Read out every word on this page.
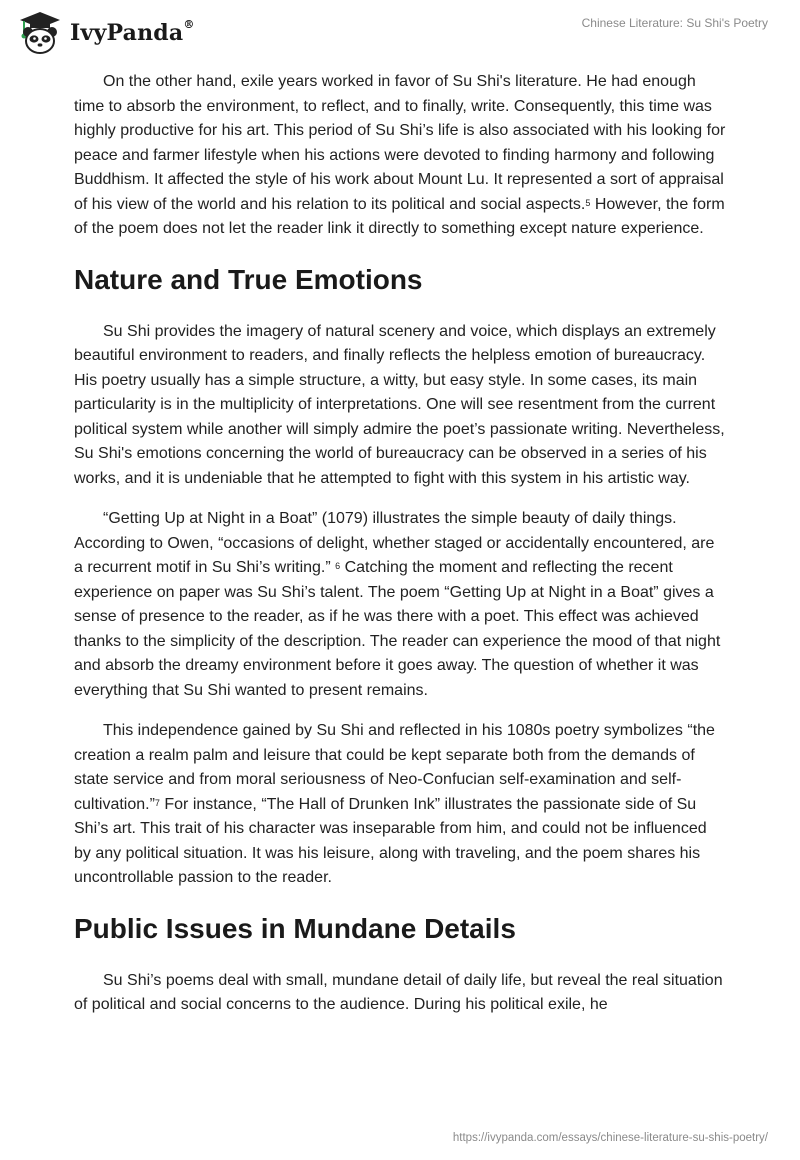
IvyPanda®	Chinese Literature: Su Shi's Poetry

On the other hand, exile years worked in favor of Su Shi's literature. He had enough time to absorb the environment, to reflect, and to finally, write. Consequently, this time was highly productive for his art. This period of Su Shi’s life is also associated with his looking for peace and farmer lifestyle when his actions were devoted to finding harmony and following Buddhism. It affected the style of his work about Mount Lu. It represented a sort of appraisal of his view of the world and his relation to its political and social aspects.$^5$ However, the form of the poem does not let the reader link it directly to something except nature experience.

Nature and True Emotions

Su Shi provides the imagery of natural scenery and voice, which displays an extremely beautiful environment to readers, and finally reflects the helpless emotion of bureaucracy. His poetry usually has a simple structure, a witty, but easy style. In some cases, its main particularity is in the multiplicity of interpretations. One will see resentment from the current political system while another will simply admire the poet’s passionate writing. Nevertheless, Su Shi's emotions concerning the world of bureaucracy can be observed in a series of his works, and it is undeniable that he attempted to fight with this system in his artistic way.

“Getting Up at Night in a Boat” (1079) illustrates the simple beauty of daily things. According to Owen, “occasions of delight, whether staged or accidentally encountered, are a recurrent motif in Su Shi’s writing.” $^6$ Catching the moment and reflecting the recent experience on paper was Su Shi’s talent. The poem “Getting Up at Night in a Boat” gives a sense of presence to the reader, as if he was there with a poet. This effect was achieved thanks to the simplicity of the description. The reader can experience the mood of that night and absorb the dreamy environment before it goes away. The question of whether it was everything that Su Shi wanted to present remains.

This independence gained by Su Shi and reflected in his 1080s poetry symbolizes “the creation a realm palm and leisure that could be kept separate both from the demands of state service and from moral seriousness of Neo-Confucian self-examination and self-cultivation.”$^7$ For instance, “The Hall of Drunken Ink” illustrates the passionate side of Su Shi’s art. This trait of his character was inseparable from him, and could not be influenced by any political situation. It was his leisure, along with traveling, and the poem shares his uncontrollable passion to the reader.

Public Issues in Mundane Details

Su Shi’s poems deal with small, mundane detail of daily life, but reveal the real situation of political and social concerns to the audience. During his political exile, he

https://ivypanda.com/essays/chinese-literature-su-shis-poetry/
